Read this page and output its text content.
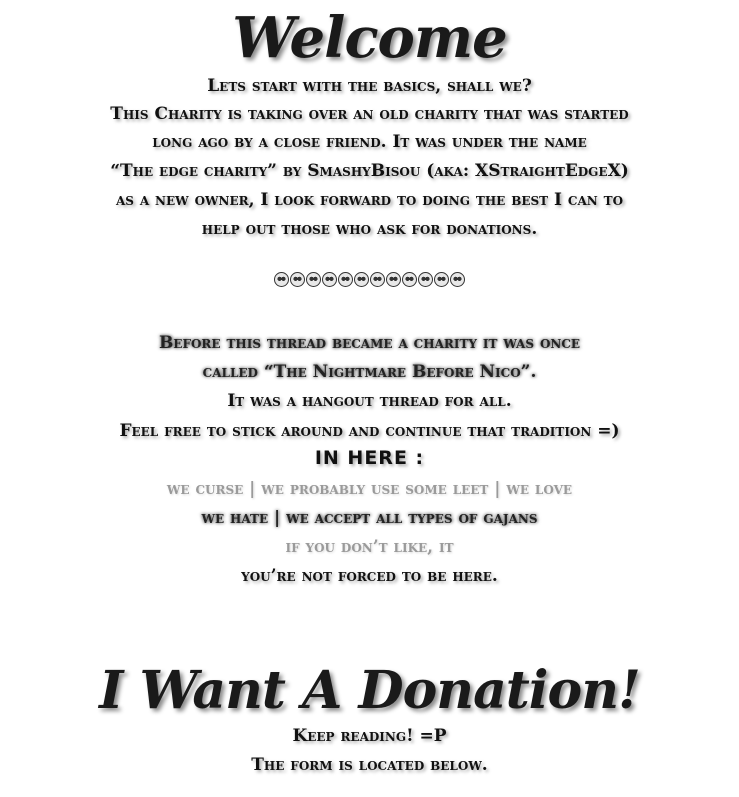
Welcome

Lets start with the basics, shall we?

This Charity is taking over an old charity that was started

long ago by a close friend. It was under the name

“The edge charity” by SmashyBisou (aka: XStraightEdgeX)

as a new owner, I look forward to doing the best I can to

help out those who ask for donations.

Before this thread became a charity it was once

called “The Nightmare Before Nico”.

It was a hangout thread for all.

Feel free to stick around and continue that tradition =)

IN HERE :

we curse | we probably use some leet | we love

we hate | we accept all types of gajans

if you don’t like, it

you’re not forced to be here.

I Want A Donation!

Keep reading! =P

The form is located below.
